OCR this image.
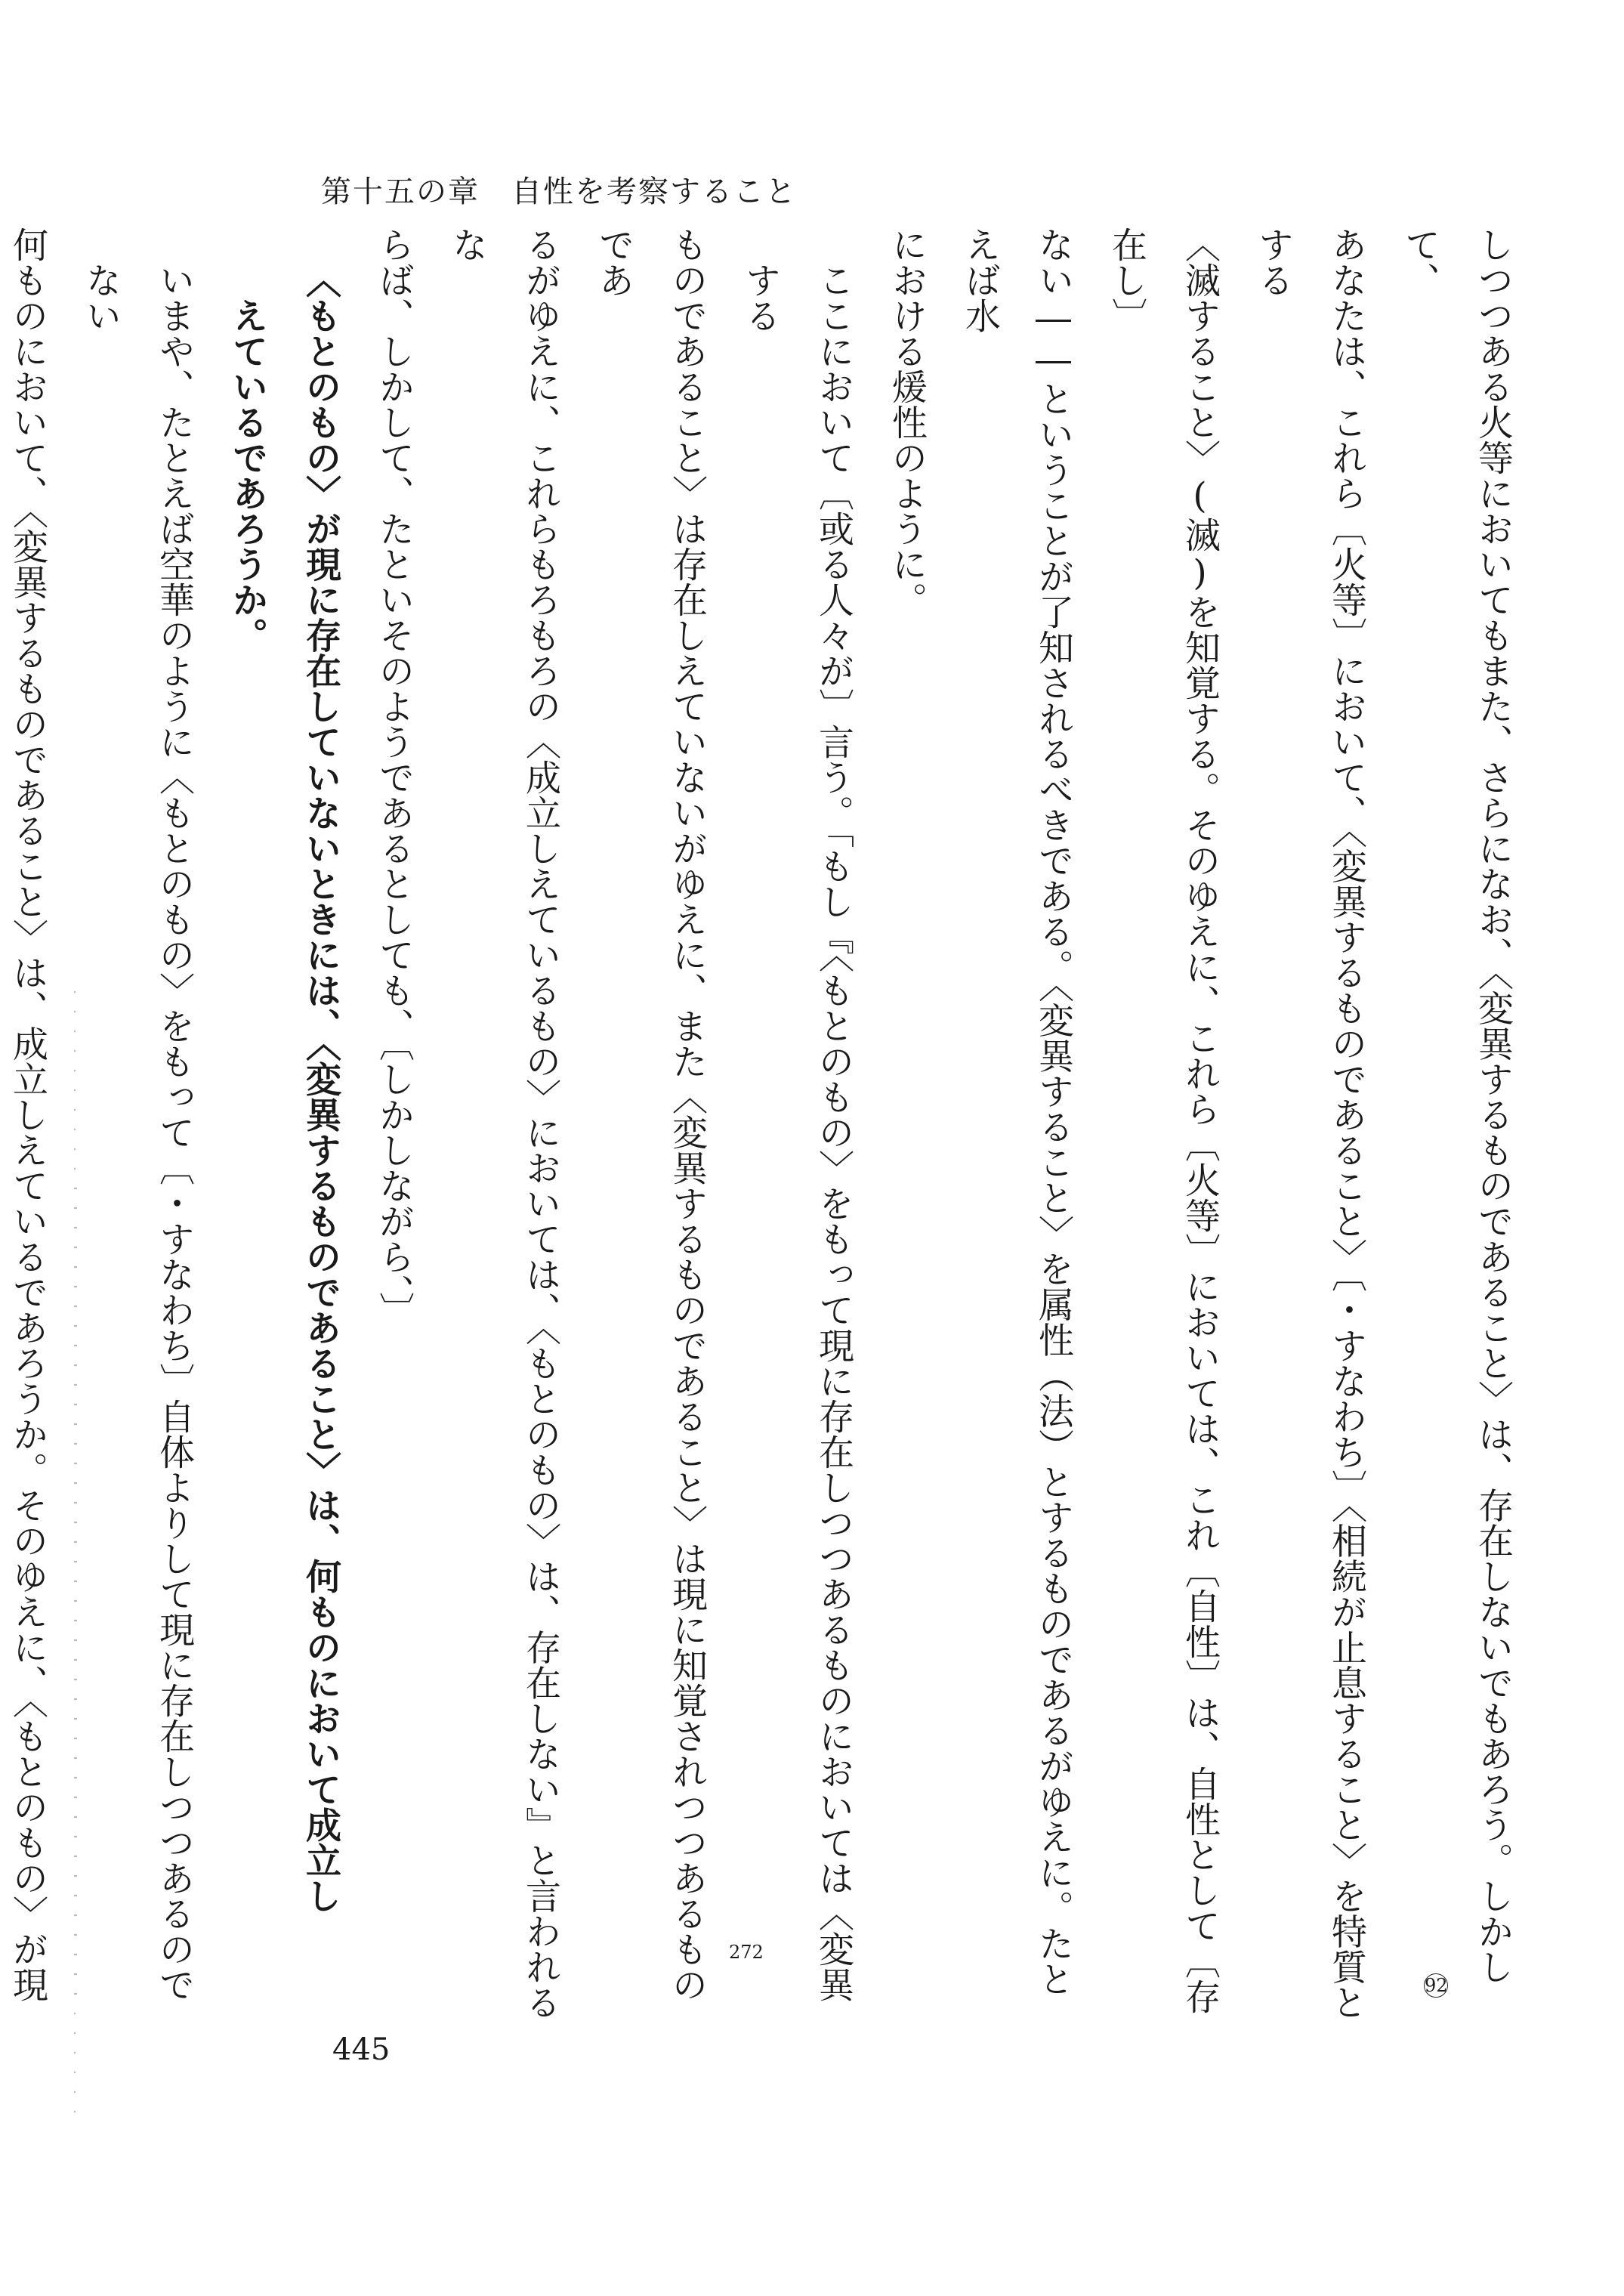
第十五の章　自性を考察すること
しつつある火等においてもまた、さらになお、〈変異するものであること〉は、存在しないでもあろう。しかして、
あなたは、これら〔火等〕において、〈変異するものであること〉〔・すなわち〕〈相続が止息すること〉を特質とする
〈滅すること〉(滅)を知覚する。そのゆえに、これら〔火等〕においては、これ〔自性〕は、自性として〔存在し〕
ない――ということが了知されるべきである。〈変異すること〉を属性（法）とするものであるがゆえに。たとえば水
における煖性のように。
ここにおいて〔或る人々が〕言う。「もし『〈もとのもの〉をもって現に存在しつつあるものにおいては〈変異する
ものであること〉は存在しえていないがゆえに、また〈変異するものであること〉は現に知覚されつつあるものであ
るがゆえに、これらもろもろの〈成立しえているもの〉においては、〈もとのもの〉は、存在しない』と言われるな
らば、しかして、たといそのようであるとしても、〔しかしながら、〕
〈もとのもの〉が現に存在していないときには、〈変異するものであること〉は、何ものにおいて成立し
えているであろうか。
いまや、たとえば空華のように〈もとのもの〉をもって〔・すなわち〕自体よりして現に存在しつつあるのでない
何ものにおいて、〈変異するものであること〉は、成立しえているであろうか。そのゆえに、〈もとのもの〉が現
272
92
445
